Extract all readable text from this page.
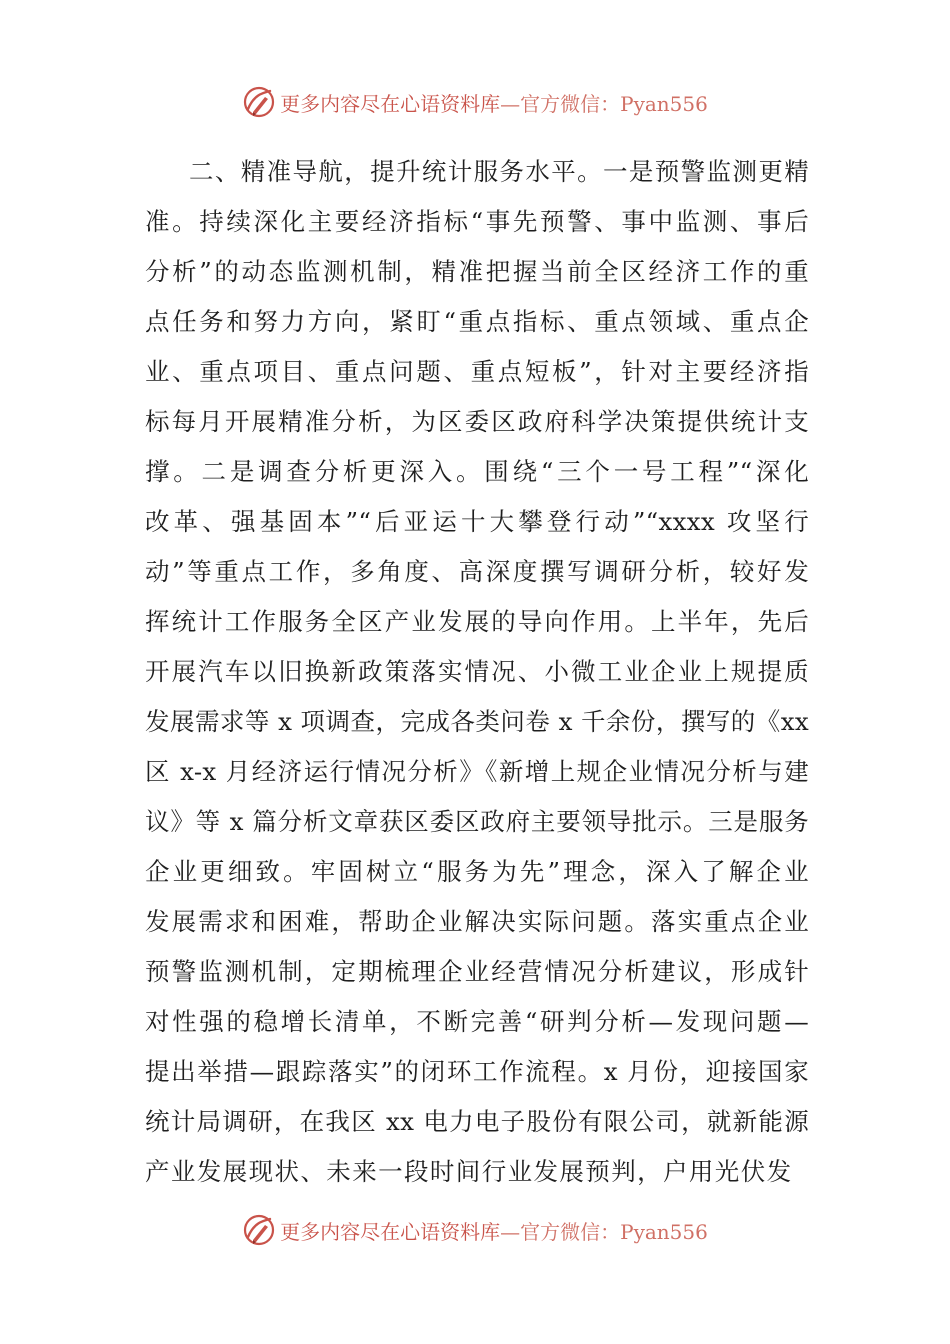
更多内容尽在心语资料库—官方微信：Pyan556
二、精准导航，提升统计服务水平。一是预警监测更精
准。持续深化主要经济指标“事先预警、事中监测、事后
分析”的动态监测机制，精准把握当前全区经济工作的重
点任务和努力方向，紧盯“重点指标、重点领域、重点企
业、重点项目、重点问题、重点短板”，针对主要经济指
标每月开展精准分析，为区委区政府科学决策提供统计支
撑。二是调查分析更深入。围绕“三个一号工程”“深化
改革、强基固本”“后亚运十大攀登行动”“xxxx 攻坚行
动”等重点工作，多角度、高深度撰写调研分析，较好发
挥统计工作服务全区产业发展的导向作用。上半年，先后
开展汽车以旧换新政策落实情况、小微工业企业上规提质
发展需求等 x 项调查，完成各类问卷 x 千余份，撰写的《xx
区 x-x 月经济运行情况分析》《新增上规企业情况分析与建
议》等 x 篇分析文章获区委区政府主要领导批示。三是服务
企业更细致。牢固树立“服务为先”理念，深入了解企业
发展需求和困难，帮助企业解决实际问题。落实重点企业
预警监测机制，定期梳理企业经营情况分析建议，形成针
对性强的稳增长清单，不断完善“研判分析—发现问题—
提出举措—跟踪落实”的闭环工作流程。x 月份，迎接国家
统计局调研，在我区 xx 电力电子股份有限公司，就新能源
产业发展现状、未来一段时间行业发展预判，户用光伏发
更多内容尽在心语资料库—官方微信：Pyan556
